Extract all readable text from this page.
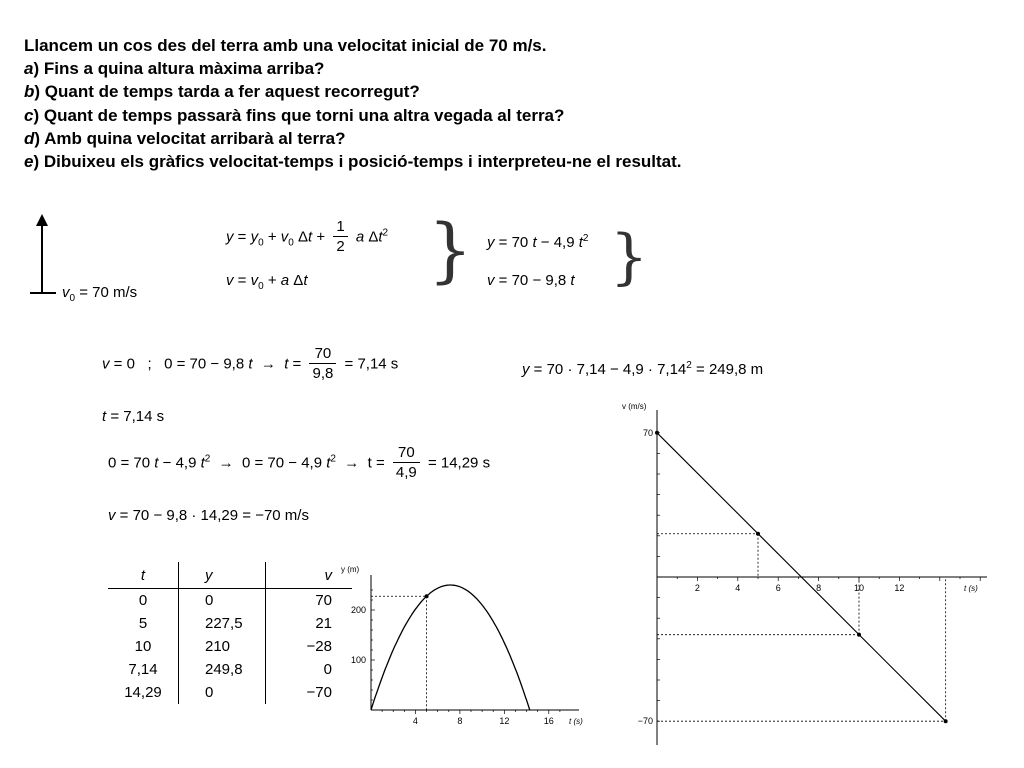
Llancem un cos des del terra amb una velocitat inicial de 70 m/s.
a) Fins a quina altura màxima arriba?
b) Quant de temps tarda a fer aquest recorregut?
c) Quant de temps passarà fins que torni una altra vegada al terra?
d) Amb quina velocitat arribarà al terra?
e) Dibuixeu els gràfics velocitat-temps i posició-temps i interpreteu-ne el resultat.
$v_0 = 70$ m/s
$y = y_0 + v_0$ $\Delta t + \frac{1}{2}$ a $\Delta t^2$
$v = v_0 + a$ Δt } y = 70 t − 4,9 $t^2$
v = 70 − 9,8 t }
v = 0   ;   0 = 70 − 9,8 $t \to t = \frac{70}{9,8} = 7,14$ s	$y = 70 \cdot 7,14 - 4,9 \cdot 7,14^2 = 249,8$ m
t = 7,14 s
0 = 70 t − 4,9 $t^2 \to 0 = 70 - 4,9$ $t^2 \to t = \frac{70}{4,9} = 14,29$ s
v = 70 − 9,8 · 14,29 = −70 m/s
t	y	v
0	0	70
5	227,5	21
10	210	−28
7,14	249,8	0
14,29	0	−70
4	8	12	16
100
200
y (m)
t (s)
2	4	6	8	10	12
70
−70
v (m/s)
t (s)
